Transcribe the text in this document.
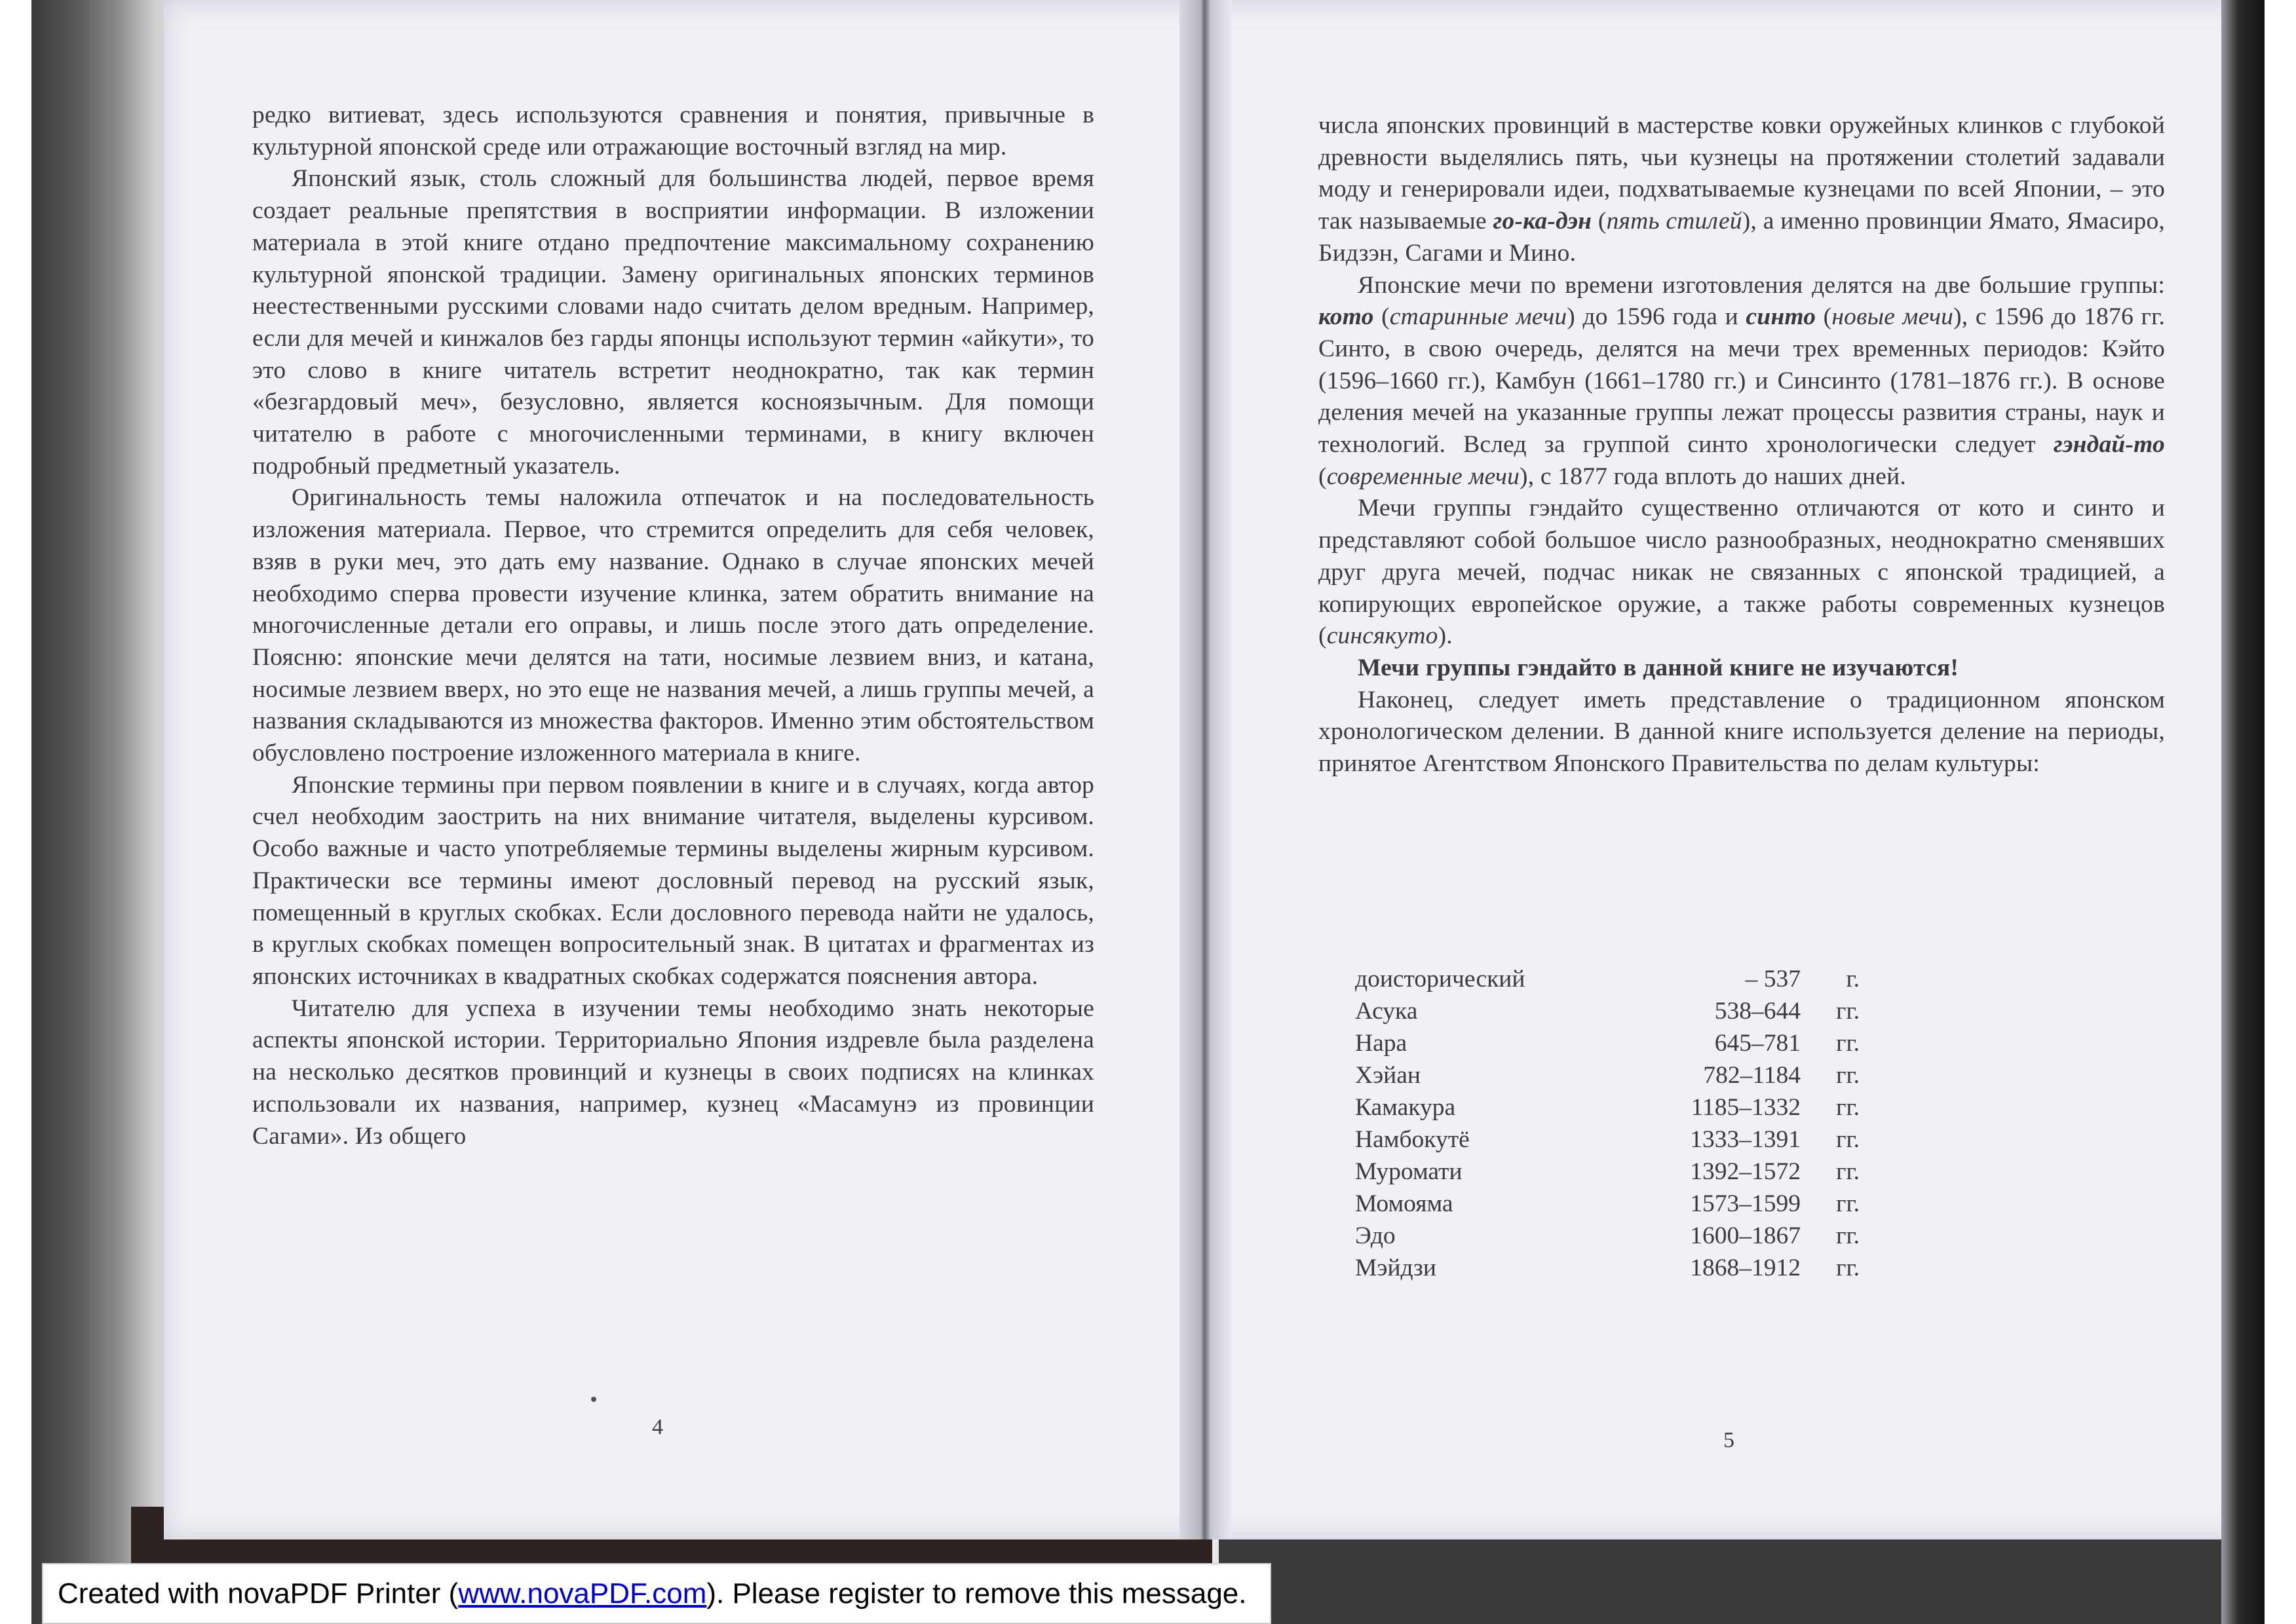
редко витиеват, здесь используются сравнения и понятия, привычные в культурной японской среде или отражающие восточный взгляд на мир.

Японский язык, столь сложный для большинства людей, первое время создает реальные препятствия в восприятии информации. В изложении материала в этой книге отдано предпочтение максимальному сохранению культурной японской традиции. Замену оригинальных японских терминов неестественными русскими словами надо считать делом вредным. Например, если для мечей и кинжалов без гарды японцы используют термин «айкути», то это слово в книге читатель встретит неоднократно, так как термин «безгардовый меч», безусловно, является косноязычным. Для помощи читателю в работе с многочисленными терминами, в книгу включен подробный предметный указатель.

Оригинальность темы наложила отпечаток и на последовательность изложения материала. Первое, что стремится определить для себя человек, взяв в руки меч, это дать ему название. Однако в случае японских мечей необходимо сперва провести изучение клинка, затем обратить внимание на многочисленные детали его оправы, и лишь после этого дать определение. Поясню: японские мечи делятся на тати, носимые лезвием вниз, и катана, носимые лезвием вверх, но это еще не названия мечей, а лишь группы мечей, а названия складываются из множества факторов. Именно этим обстоятельством обусловлено построение изложенного материала в книге.

Японские термины при первом появлении в книге и в случаях, когда автор счел необходим заострить на них внимание читателя, выделены курсивом. Особо важные и часто употребляемые термины выделены жирным курсивом. Практически все термины имеют дословный перевод на русский язык, помещенный в круглых скобках. Если дословного перевода найти не удалось, в круглых скобках помещен вопросительный знак. В цитатах и фрагментах из японских источниках в квадратных скобках содержатся пояснения автора.

Читателю для успеха в изучении темы необходимо знать некоторые аспекты японской истории. Территориально Япония издревле была разделена на несколько десятков провинций и кузнецы в своих подписях на клинках использовали их названия, например, кузнец «Масамунэ из провинции Сагами». Из общего

4

числа японских провинций в мастерстве ковки оружейных клинков с глубокой древности выделялись пять, чьи кузнецы на протяжении столетий задавали моду и генерировали идеи, подхватываемые кузнецами по всей Японии, – это так называемые го-ка-дэн (пять стилей), а именно провинции Ямато, Ямасиро, Бидзэн, Сагами и Мино.

Японские мечи по времени изготовления делятся на две большие группы: кото (старинные мечи) до 1596 года и синто (новые мечи), с 1596 до 1876 гг. Синто, в свою очередь, делятся на мечи трех временных периодов: Кэйто (1596–1660 гг.), Камбун (1661–1780 гг.) и Синсинто (1781–1876 гг.). В основе деления мечей на указанные группы лежат процессы развития страны, наук и технологий. Вслед за группой синто хронологически следует гэндай-то (современные мечи), с 1877 года вплоть до наших дней.

Мечи группы гэндайто существенно отличаются от кото и синто и представляют собой большое число разнообразных, неоднократно сменявших друг друга мечей, подчас никак не связанных с японской традицией, а копирующих европейское оружие, а также работы современных кузнецов (синсякуто).

Мечи группы гэндайто в данной книге не изучаются!

Наконец, следует иметь представление о традиционном японском хронологическом делении. В данной книге используется деление на периоды, принятое Агентством Японского Правительства по делам культуры:

доисторический	– 537	г.
Асука	538–644	гг.
Нара	645–781	гг.
Хэйан	782–1184	гг.
Камакура	1185–1332	гг.
Намбокутё	1333–1391	гг.
Муромати	1392–1572	гг.
Момояма	1573–1599	гг.
Эдо	1600–1867	гг.
Мэйдзи	1868–1912	гг.
5
Created with novaPDF Printer ( www.novaPDF.com ). Please register to remove this message.
